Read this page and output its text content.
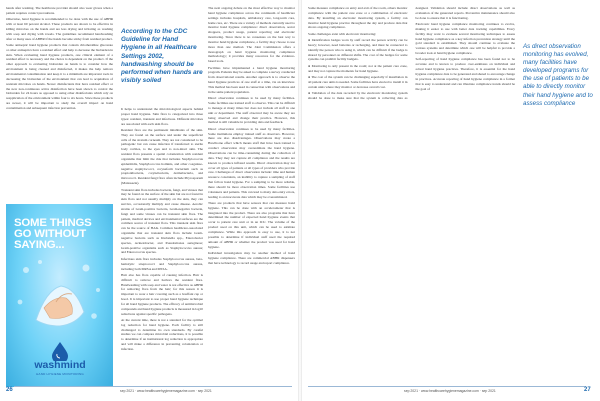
hands after washing. The healthcare provider should also wear gloves when a patient requires contact precautions.

Otherwise, hand hygiene is recommended to be done with the use of ABHR with at least 60 percent alcohol. These products are shown to be effective in killing microbes on the hands and are less drying and irritating as washing with soap and drying with towels. The guidelines recommend handwashing after or many uses of ABHR if the hands become sticky from residual product.

Some antiseptic hand hygiene products that contain chlorhexidine gluconate or other antiseptics have a residual effect and help to decrease the bioburden in skin. When evaluating hand hygiene products, one clinical element of a residual effect is necessary and the choice is dependent on the product. If the other approach to evaluating bioburden on hands is to consider how the environment is being cleaned and disinfected, it makes the help remove environmental contamination and keep it to a minimum are important tools in decreasing the bioburden of the environment that can lead to acquisition of resistant microbes on hands. Newer disinfectants that have residual effect or the new non-continuous active disinfection have been shown to control the bioburden for 24 hours as opposed to using other disinfectants which rely on reapplication of the environment within four to six hours. Since these products are newer, it will be important to study the overall impact on hand contamination and subsequent infection prevention.

SOME THINGS GO WITHOUT SAYING...
washmind
HAND HYGIENE MONITORING

According to the CDC Guideline for Hand Hygiene in all Healthcare Settings 2002, handwashing should be performed when hands are visibly soiled

It helps to understand the microbiological aspects behind proper hand hygiene. Skin flora is categorized into three types: resident, transient and infectious. Different microbes are associated with each skin flora.

Resident flora are the permanent inhabitants of the skin. They are found on the surface and under the superficial cells of the stratum corneum. They are not considered to be pathogenic but can cause infection if transferred to sterile body cavities, to the eyes and to non-intact skin. The resident flora presents a spatial colonization with resident organisms that limit the risk that includes Staphylococcus epidermidis, Staphylococcus hominis, and other coagulase-negative staphylococci, coryneform bacterium such as propionibacteria, corynebacteria, dermabacteria, and micrococci. Resident fungi flora often include Pityrosporum (Malassezia).

Transient skin flora includes bacteria, fungi, and viruses that may be found on the surface of the skin but are not found in skin flora and not usually multiply on the skin, they can survive, occasionally multiply and cause disease. Aerobic strains of Gram-positive bacteria, Gram-negative bacteria, fungi and some viruses can be transient skin flora. The patient, medical devices and environmental surfaces are the common source of transient flora. This transient skin flora can be the source of HAIs. Common healthcare-associated organisms that are transient skin flora include Gram-negative bacteria such as Klebsiella spp., Enterobacter species, Acinetobacter, and Pseudomonas aeruginosa; Gram-positive organisms such as Staphylococcus aureus; and Enterococcus species.

Infectious skin flora includes Staphylococcus aureus, beta-hemolytic streptococci and Staphylococcus aureus, including both MRSA and MSSA.

Hair also has flora capable of causing infection. Hair is difficult to remove and harbors the resident flora. Handwashing with soap and water is not effective as ABHR for removing flora from the hair; for this reason it is important to wear a hair covering such as a bouffant cap or hood. It is important to use proper hand hygiene technique for all hand hygiene products. The efficacy of antimicrobial compounds and hand hygiene products is measured in log10 reductions against specific pathogens.

At the current time, there is not a standard for the optimal log reduction for hand hygiene. Each facility is still challenged to determine its own standards. By careful studies we can compare microbial reductions, it is possible to determine if an institutional log reduction is appropriate and will make a difference in preventing colonization or infection.

The next ongoing debate on the most effective way to monitor hand hygiene compliance across the continuum of healthcare settings includes hospitals, ambulatory care, long-term care, home care, etc. There are a variety of methods currently used to monitor hand hygiene compliance: direct observation, secret shoppers, product usage, patient reporting and electronic monitoring. Since there is no consensus on the best way to monitor hand hygiene compliance, a facility may choose to use more than one method. The Joint Commission offers a monograph on hand hygiene monitoring compliance methodology; it provides many resources for the evidence-based tools.

Facilities have implemented a hand hygiene monitoring program. Patients may be asked to complete a survey conducted from observational results. Another approach is to observe the hand hygiene practices of one staff at a time, via an interview. This method has been used in connection with observations and in the same patient population.

Direct observation continues to be used by many facilities. Some facilities use trained staff to observe. This can be difficult to manage at many times but does not include all staff in one unit or department. The staff observed may be aware they are being observed and change their practice. However, this method is still valuable in providing data and feedback.

Direct observation continues to be used by many facilities. Some institutions employ trained staff as observers. However, there are also disadvantages. Observations may create a Hawthorne effect which means staff that have been trained to conduct observation may overestimate the hand hygiene. Observations can be time-consuming during the collection of data. They may not capture all compliance and the results are known to produce inflated results. Direct observation may not cover all types of patients or all types of providers who provide care. Challenges of direct observation include: time and human resource constraints, an inability to capture a sampling of staff that follow hand hygiene. For a sampling to be more reliable, there should be more observation times. Some facilities use volunteers and patients. This can lead to many data entry errors, leading to an inaccurate data which may be overestimated.

There are products that have sensors that can measure hand hygiene. This can be done with an accelerometer that is integrated into the product. There are also programs that have determined the number of expected hand hygiene events that occur to patient care unit or in an ICU. The volume of the product used on this unit, which can be used to estimate compliance. While this approach is easy to use, it is not possible to determine if individual staff used the required amount of ABHR or whether the product was used for hand hygiene.

Individual investigation may be another method of hand hygiene compliance. There are commercial ABHR dispensers that have technology to record usage and report compliance.

26	sep 2021 · www.healthcarehygienemagazine.com · sep 2021

Some measure compliance on entry and exit of the room, others monitor compliance with the patient care zone or a combination of electronic data. By installing an electronic monitoring system, a facility can monitor hand hygiene practice throughout the day and produce data that shows ongoing compliance.

Some challenges exist with electronic monitoring:

● Identification badges worn by staff record the person activity can be heavy; however, need batteries or recharging, and must be connected to identify the person who is using it, which can be difficult if the badge is shared by personnel on different shifts. The cost of the badges for some systems can prohibit facility budgets.

● Monitoring is only present in the room; not at the patient care zone, and may not capture the moments for hand hygiene.

● The cost of the system can be challenging especially if installation in all patient care units is needed. Some facilities have elected to install it in certain units where they monitor or decrease overall cost.

● Validation of the data recorded by the electronic monitoring system should be done to make sure that the system is collecting data as designed. Validation should include direct observations as well as evaluation of the generated reports. Preventive maintenance should also be done to ensure that it is functioning.

Electronic hand hygiene compliance monitoring continues to evolve, making it easier to use with better data tracking capabilities. Every facility may want to evaluate several monitoring techniques to assess hand hygiene compliance as a key infection prevention strategy until the gold standard is established. They should continue to evaluate the various systems and determine which one will be helpful to provide a broader look at hand hygiene compliance.

Self-reporting of hand hygiene compliance has been found not to be accurate and is known to produce over-estimates on individual and actual hand hygiene practices. Therefore, it is essential for the hand hygiene compliance data to be generated and shared to encourage change in practices. Accurate reporting of hand hygiene compliance in a format that is easy to understand and can illustrate compliance trends should be the goal of

As direct observation monitoring has evolved, many facilities have developed programs for the use of patients to be able to directly monitor their hand hygiene and to assess compliance

sep 2021 · www.healthcarehygienemagazine.com · sep 2021	27
